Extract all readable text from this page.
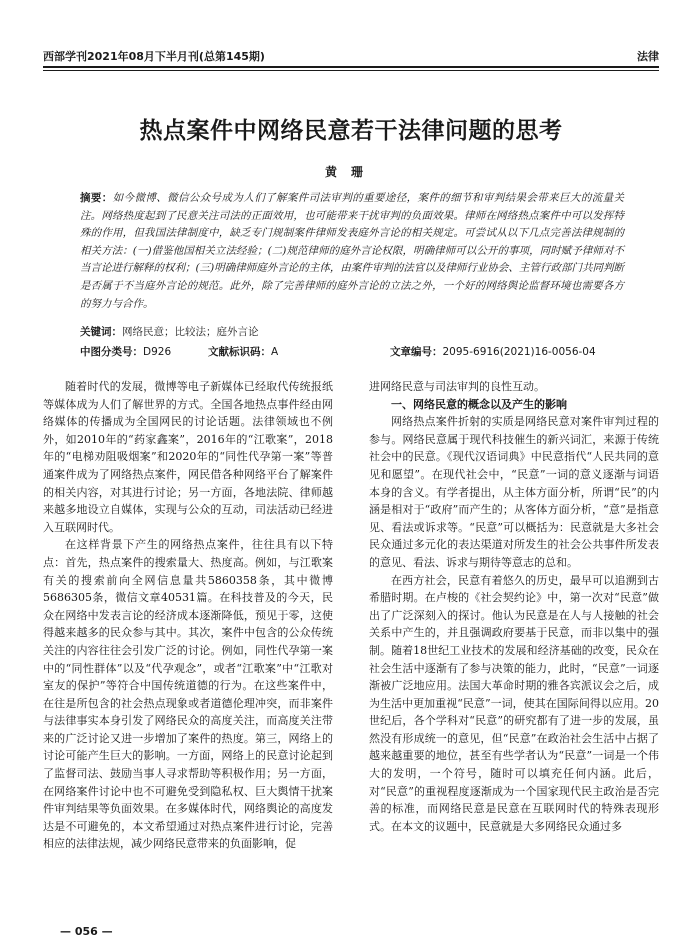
西部学刊2021年08月下半月刊(总第145期)	法律
热点案件中网络民意若干法律问题的思考
黄珊
摘要：如今微博、微信公众号成为人们了解案件司法审判的重要途径，案件的细节和审判结果会带来巨大的流量关注。网络热度起到了民意关注司法的正面效用，也可能带来干扰审判的负面效果。律师在网络热点案件中可以发挥特殊的作用，但我国法律制度中，缺乏专门规制案件律师发表庭外言论的相关规定。可尝试从以下几点完善法律规制的相关方法：(一)借鉴他国相关立法经验；(二)规范律师的庭外言论权限，明确律师可以公开的事项，同时赋予律师对不当言论进行解释的权利；(三)明确律师庭外言论的主体，由案件审判的法官以及律师行业协会、主管行政部门共同判断是否属于不当庭外言论的规范。此外，除了完善律师的庭外言论的立法之外，一个好的网络舆论监督环境也需要各方的努力与合作。
关键词：网络民意；比较法；庭外言论
中图分类号：D926	文献标识码：A	文章编号：2095-6916(2021)16-0056-04

随着时代的发展，微博等电子新媒体已经取代传统报纸等媒体成为人们了解世界的方式。全国各地热点事件经由网络媒体的传播成为全国网民的讨论话题。法律领域也不例外，如2010年的“药家鑫案”，2016年的“江歌案”，2018年的“电梯劝阻吸烟案”和2020年的“同性代孕第一案”等普通案件成为了网络热点案件，网民借各种网络平台了解案件的相关内容，对其进行讨论；另一方面，各地法院、律师越来越多地设立自媒体，实现与公众的互动，司法活动已经进入互联网时代。

在这样背景下产生的网络热点案件，往往具有以下特点：首先，热点案件的搜索量大、热度高。例如，与江歌案有关的搜索前向全网信息量共5860358条，其中微博5686305条，微信文章40531篇。在科技普及的今天，民众在网络中发表言论的经济成本逐渐降低，预见于零，这使得越来越多的民众参与其中。其次，案件中包含的公众传统关注的内容往往会引发广泛的讨论。例如，同性代孕第一案中的“同性群体”以及“代孕观念”，或者“江歌案”中“江歌对室友的保护”等符合中国传统道德的行为。在这些案件中，在往是所包含的社会热点现象或者道德伦理冲突，而非案件与法律事实本身引发了网络民众的高度关注，而高度关注带来的广泛讨论又进一步增加了案件的热度。第三，网络上的讨论可能产生巨大的影响。一方面，网络上的民意讨论起到了监督司法、鼓励当事人寻求帮助等积极作用；另一方面，在网络案件讨论中也不可避免受到隐私权、巨大舆情干扰案件审判结果等负面效果。在多媒体时代，网络舆论的高度发达是不可避免的，本文希望通过对热点案件进行讨论，完善相应的法律法规，减少网络民意带来的负面影响，促

进网络民意与司法审判的良性互动。

一、网络民意的概念以及产生的影响

网络热点案件折射的实质是网络民意对案件审判过程的参与。网络民意属于现代科技催生的新兴词汇，来源于传统社会中的民意。《现代汉语词典》中民意指代“人民共同的意见和愿望”。在现代社会中，“民意”一词的意义逐渐与词语本身的含义。有学者提出，从主体方面分析，所谓“民”的内涵是相对于“政府”而产生的；从客体方面分析，“意”是指意见、看法或诉求等。“民意”可以概括为：民意就是大多社会民众通过多元化的表达渠道对所发生的社会公共事件所发表的意见、看法、诉求与期待等意志的总和。

在西方社会，民意有着悠久的历史，最早可以追溯到古希腊时期。在卢梭的《社会契约论》中，第一次对“民意”做出了广泛深刻入的探讨。他认为民意是在人与人接触的社会关系中产生的，并且强调政府要基于民意，而非以集中的强制。随着18世纪工业技术的发展和经济基础的改变，民众在社会生活中逐渐有了参与决策的能力，此时，“民意”一词逐渐被广泛地应用。法国大革命时期的雅各宾派议会之后，成为生活中更加重视“民意”一词，使其在国际间得以应用。20世纪后，各个学科对“民意”的研究都有了进一步的发展，虽然没有形成统一的意见，但“民意”在政治社会生活中占据了越来越重要的地位，甚至有些学者认为“民意”一词是一个伟大的发明，一个符号，随时可以填充任何内涵。此后，对“民意”的重视程度逐渐成为一个国家现代民主政治是否完善的标准，而网络民意是民意在互联网时代的特殊表现形式。在本文的议题中，民意就是大多网络民众通过多

— 056 —
